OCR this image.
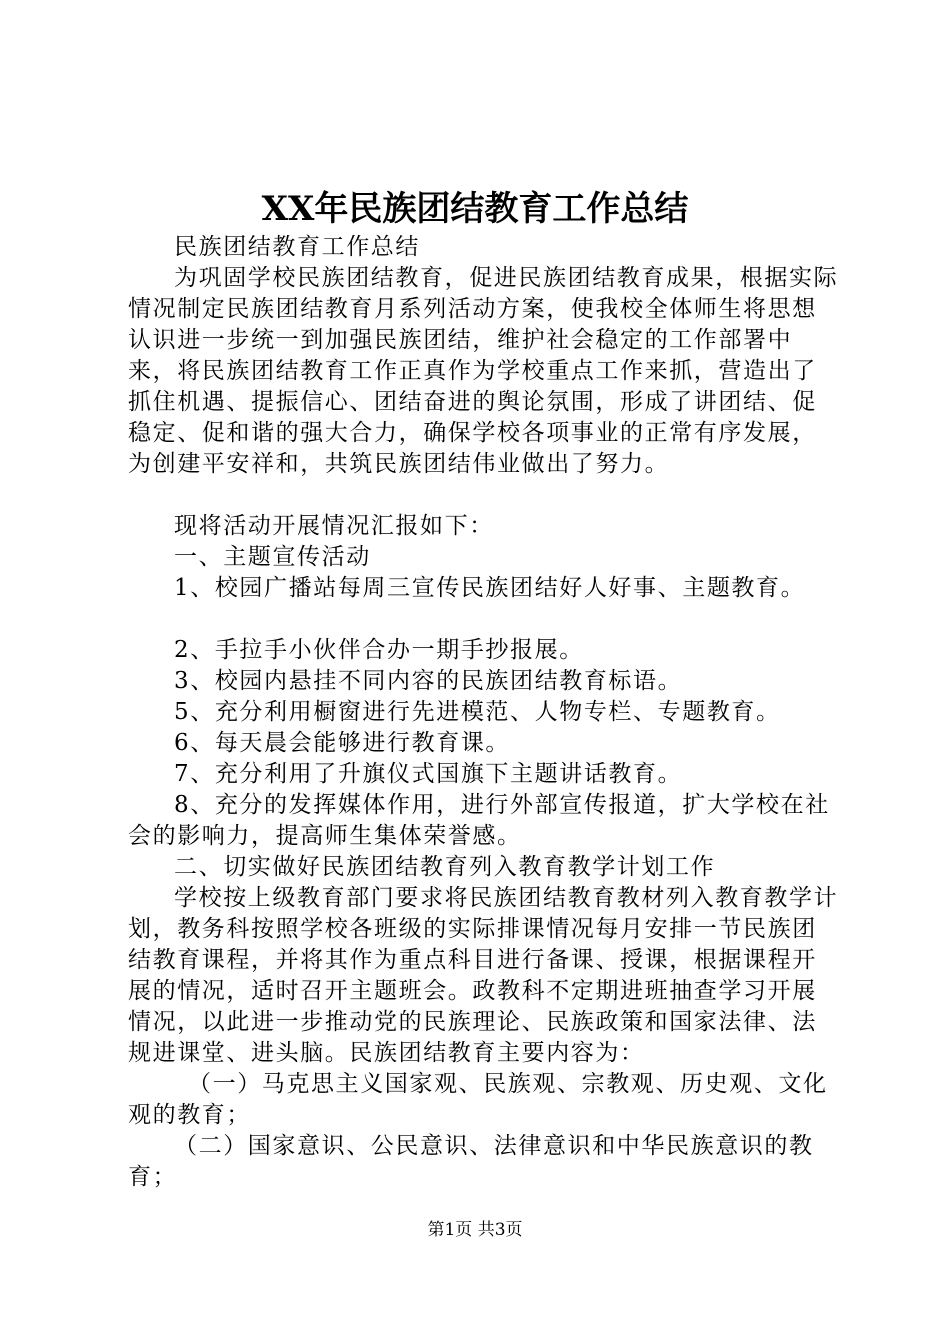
XX年民族团结教育工作总结

民族团结教育工作总结

为巩固学校民族团结教育，促进民族团结教育成果，根据实际情况制定民族团结教育月系列活动方案，使我校全体师生将思想认识进一步统一到加强民族团结，维护社会稳定的工作部署中来，将民族团结教育工作正真作为学校重点工作来抓，营造出了抓住机遇、提振信心、团结奋进的舆论氛围，形成了讲团结、促稳定、促和谐的强大合力，确保学校各项事业的正常有序发展，为创建平安祥和，共筑民族团结伟业做出了努力。

现将活动开展情况汇报如下：

一、主题宣传活动

1、校园广播站每周三宣传民族团结好人好事、主题教育。

2、手拉手小伙伴合办一期手抄报展。

3、校园内悬挂不同内容的民族团结教育标语。

5、充分利用橱窗进行先进模范、人物专栏、专题教育。

6、每天晨会能够进行教育课。

7、充分利用了升旗仪式国旗下主题讲话教育。

8、充分的发挥媒体作用，进行外部宣传报道，扩大学校在社会的影响力，提高师生集体荣誉感。

二、切实做好民族团结教育列入教育教学计划工作

学校按上级教育部门要求将民族团结教育教材列入教育教学计划，教务科按照学校各班级的实际排课情况每月安排一节民族团结教育课程，并将其作为重点科目进行备课、授课，根据课程开展的情况，适时召开主题班会。政教科不定期进班抽查学习开展情况，以此进一步推动党的民族理论、民族政策和国家法律、法规进课堂、进头脑。民族团结教育主要内容为：

（一）马克思主义国家观、民族观、宗教观、历史观、文化观的教育；

（二）国家意识、公民意识、法律意识和中华民族意识的教育；

第1页 共3页
